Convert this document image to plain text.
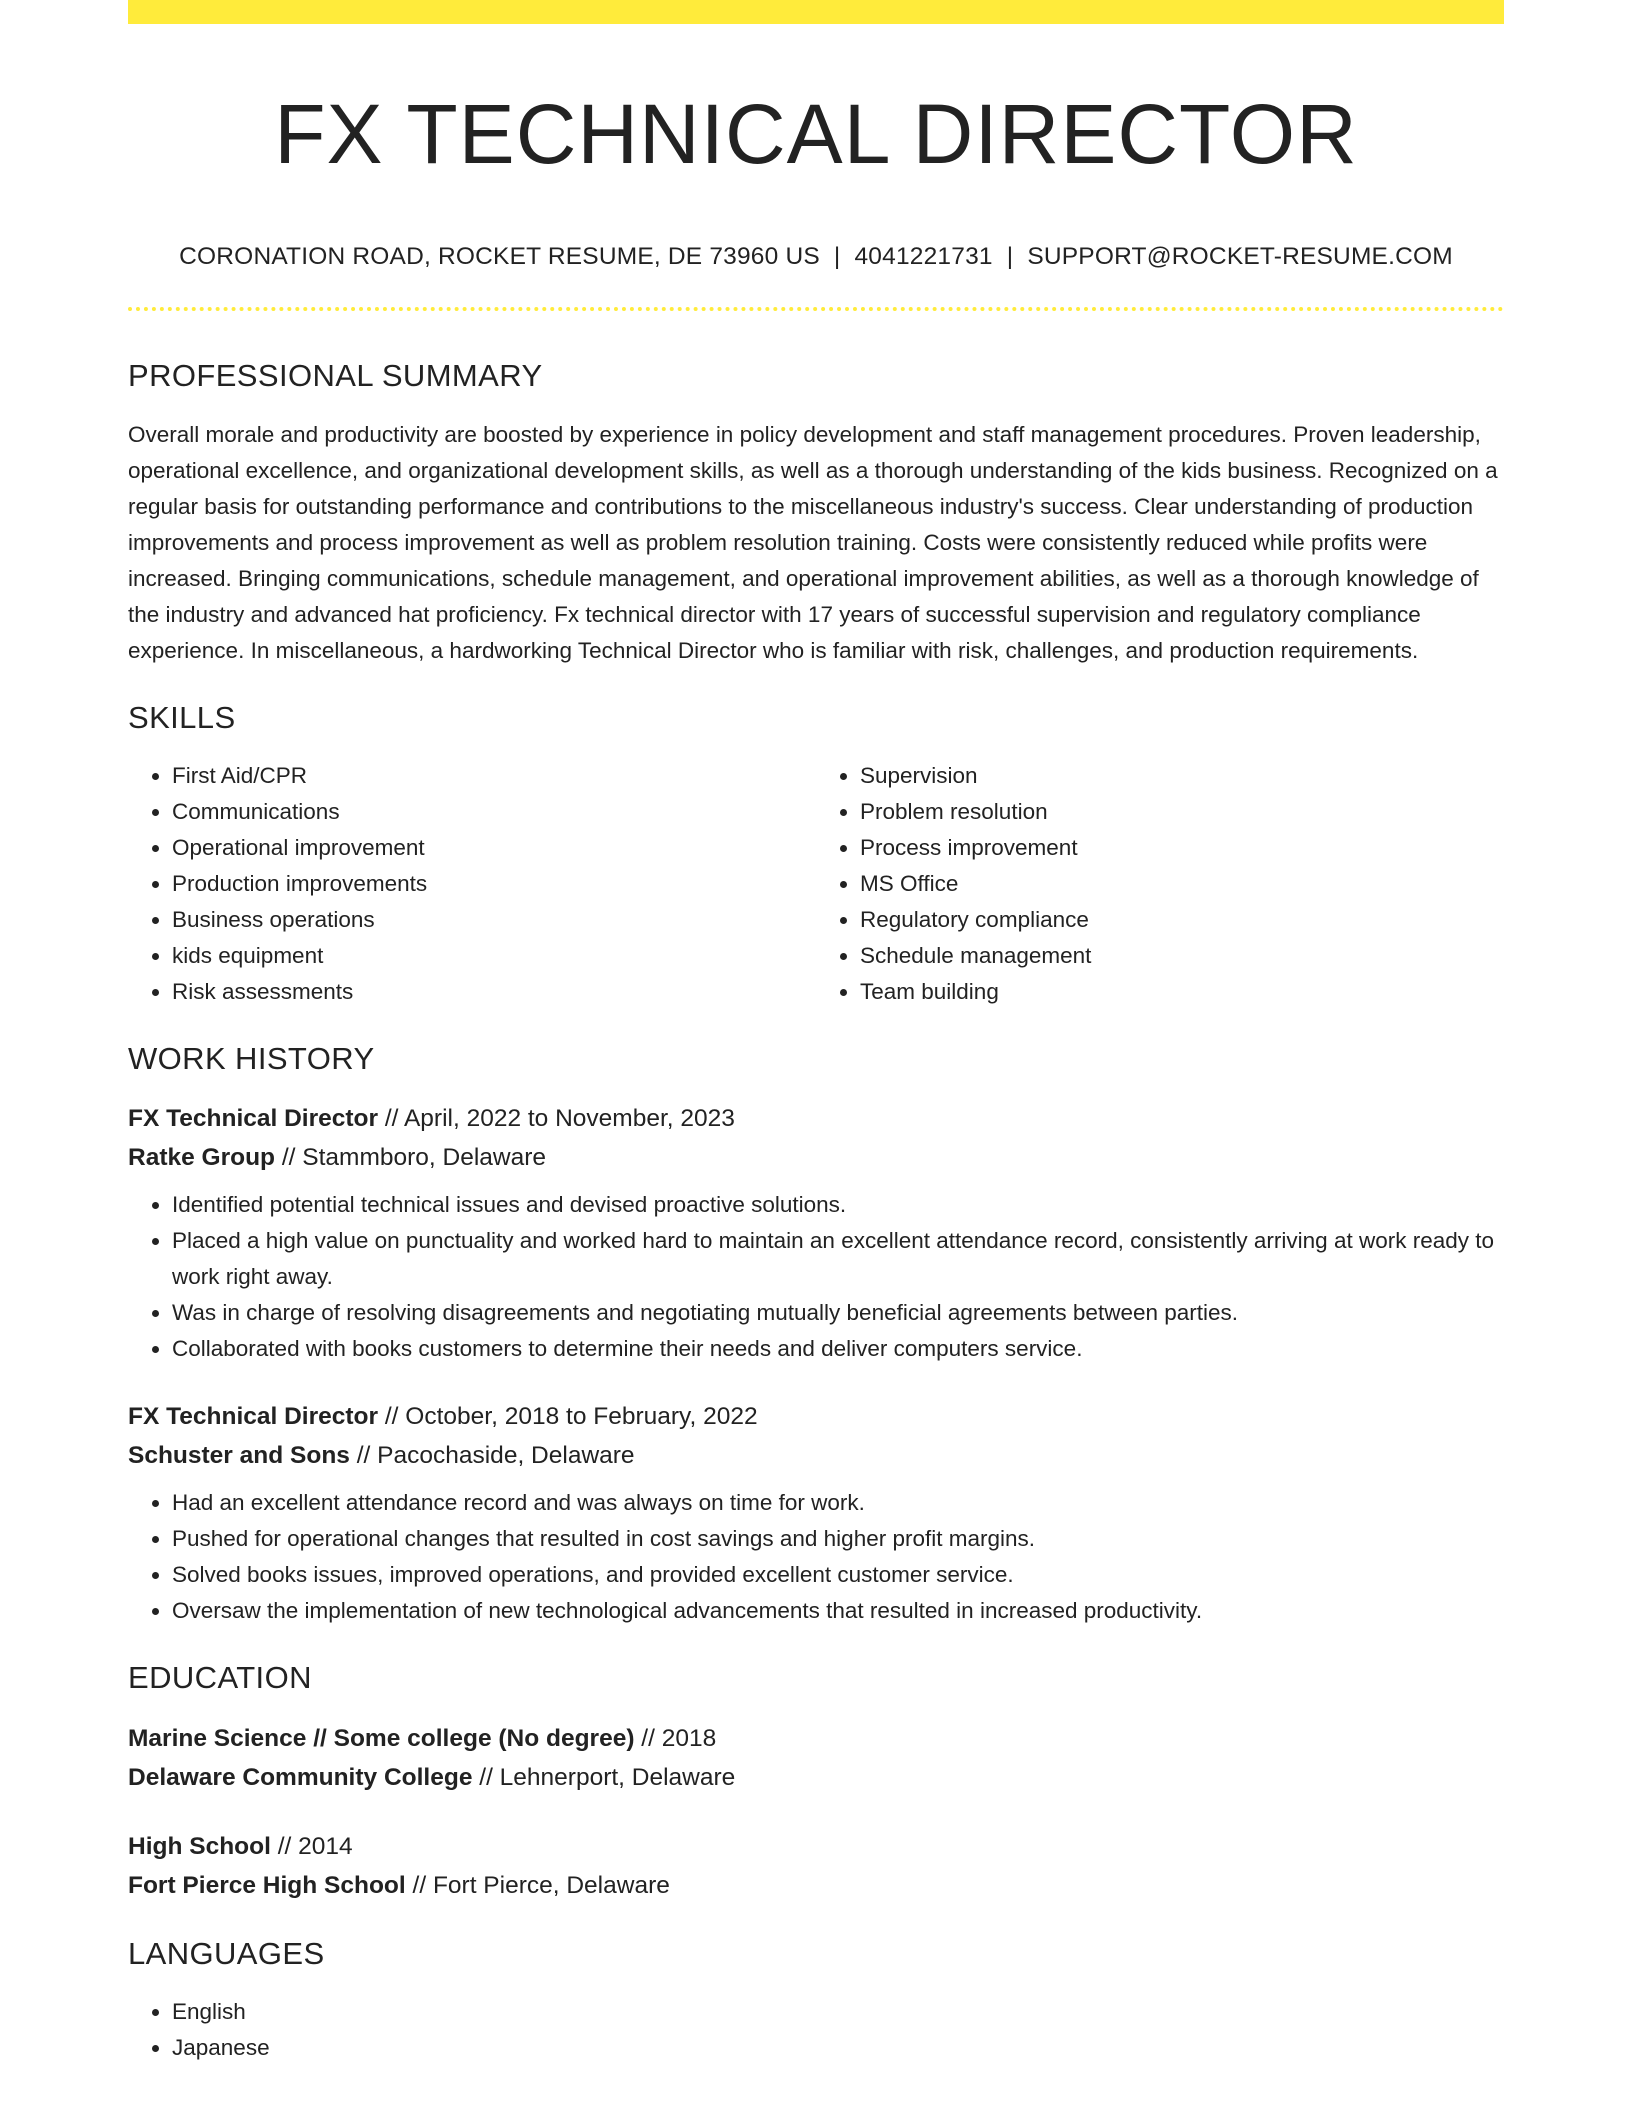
FX TECHNICAL DIRECTOR
CORONATION ROAD, ROCKET RESUME, DE 73960 US | 4041221731 | SUPPORT@ROCKET-RESUME.COM
PROFESSIONAL SUMMARY
Overall morale and productivity are boosted by experience in policy development and staff management procedures. Proven leadership, operational excellence, and organizational development skills, as well as a thorough understanding of the kids business. Recognized on a regular basis for outstanding performance and contributions to the miscellaneous industry's success. Clear understanding of production improvements and process improvement as well as problem resolution training. Costs were consistently reduced while profits were increased. Bringing communications, schedule management, and operational improvement abilities, as well as a thorough knowledge of the industry and advanced hat proficiency. Fx technical director with 17 years of successful supervision and regulatory compliance experience. In miscellaneous, a hardworking Technical Director who is familiar with risk, challenges, and production requirements.
SKILLS
• First Aid/CPR
• Communications
• Operational improvement
• Production improvements
• Business operations
• kids equipment
• Risk assessments
• Supervision
• Problem resolution
• Process improvement
• MS Office
• Regulatory compliance
• Schedule management
• Team building
WORK HISTORY
FX Technical Director // April, 2022 to November, 2023
Ratke Group // Stammboro, Delaware
• Identified potential technical issues and devised proactive solutions.
• Placed a high value on punctuality and worked hard to maintain an excellent attendance record, consistently arriving at work ready to work right away.
• Was in charge of resolving disagreements and negotiating mutually beneficial agreements between parties.
• Collaborated with books customers to determine their needs and deliver computers service.
FX Technical Director // October, 2018 to February, 2022
Schuster and Sons // Pacochaside, Delaware
• Had an excellent attendance record and was always on time for work.
• Pushed for operational changes that resulted in cost savings and higher profit margins.
• Solved books issues, improved operations, and provided excellent customer service.
• Oversaw the implementation of new technological advancements that resulted in increased productivity.
EDUCATION
Marine Science // Some college (No degree) // 2018
Delaware Community College // Lehnerport, Delaware
High School // 2014
Fort Pierce High School // Fort Pierce, Delaware
LANGUAGES
• English
• Japanese
